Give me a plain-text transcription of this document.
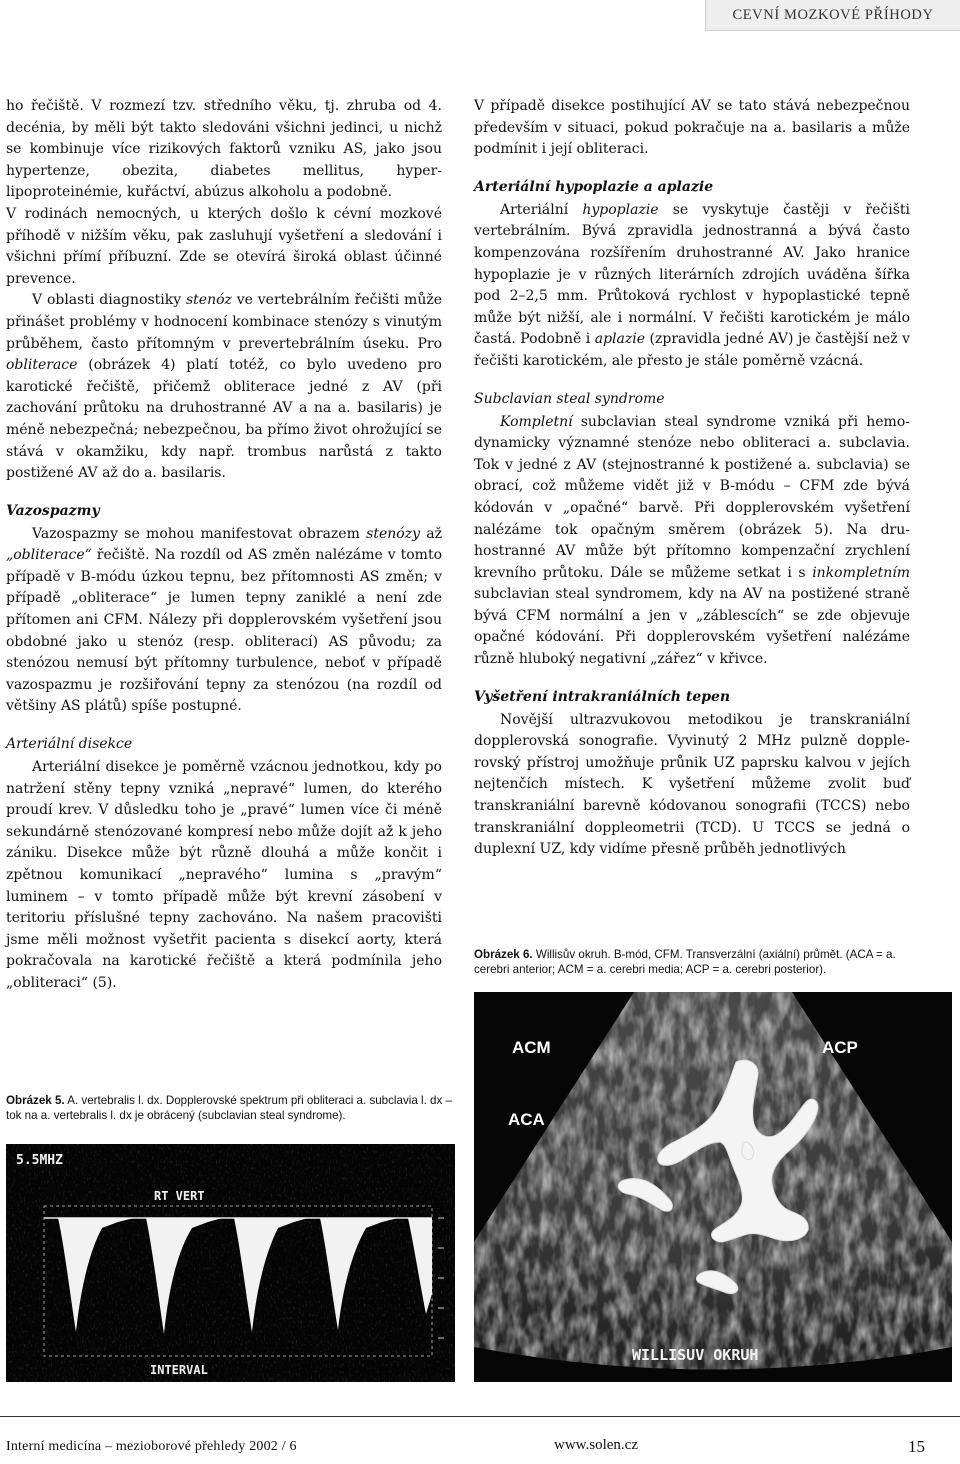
CEVNÍ MOZKOVÉ PŘÍHODY

ho řečiště. V rozmezí tzv. středního věku, tj. zhruba od 4. decénia, by měli být takto sledováni všichni jedinci, u nichž se kombinuje více rizikových faktorů vzniku AS, jako jsou hypertenze, obezita, diabetes mellitus, hyperlipoproteinémie, kuřáctví, abúzus alkoholu a podobně.

V rodinách nemocných, u kterých došlo k cévní mozkové příhodě v nižším věku, pak zasluhují vyšetření a sledování i všichni přímí příbuzní. Zde se otevírá široká oblast účinné prevence.

V oblasti diagnostiky stenóz ve vertebrálním řečišti může přinášet problémy v hodnocení kombinace stenózy s vinutým průběhem, často přítomným v prevertebrálním úseku. Pro obliterace (obrázek 4) platí totéž, co bylo uvedeno pro karotické řečiště, přičemž obliterace jedné z AV (při zachování průtoku na druhostranné AV a na a. basilaris) je méně nebezpečná; nebezpečnou, ba přímo život ohrožující se stává v okamžiku, kdy např. trombus narůstá z takto postižené AV až do a. basilaris.

Vazospazmy

Vazospazmy se mohou manifestovat obrazem stenózy až „obliterace“ řečiště. Na rozdíl od AS změn nalézáme v tomto případě v B-módu úzkou tepnu, bez přítomnosti AS změn; v případě „obliterace“ je lumen tepny zaniklé a není zde přítomen ani CFM. Nálezy při dopplerovském vyšetření jsou obdobné jako u stenóz (resp. obliterací) AS původu; za stenózou nemusí být přítomny turbulence, neboť v případě vazospazmu je rozšiřování tepny za stenózou (na rozdíl od většiny AS plátů) spíše postupné.

Arteriální disekce

Arteriální disekce je poměrně vzácnou jednotkou, kdy po natržení stěny tepny vzniká „nepravé“ lumen, do kterého proudí krev. V důsledku toho je „pravé“ lumen více či méně sekundárně stenózované kompresí nebo může dojít až k jeho zániku. Disekce může být různě dlouhá a může končit i zpětnou komunikací „nepravého“ lumina s „pravým“ luminem – v tomto případě může být krevní zásobení v teritoriu příslušné tepny zachováno. Na našem pracovišti jsme měli možnost vyšetřit pacienta s disekcí aorty, která pokračovala na karotické řečiště a která podmínila jeho „obliteraci“ (5).

V případě disekce postihující AV se tato stává nebezpečnou především v situaci, pokud pokračuje na a. basilaris a může podmínit i její obliteraci.

Arteriální hypoplazie a aplazie

Arteriální hypoplazie se vyskytuje častěji v řečišti vertebrálním. Bývá zpravidla jednostranná a bývá často kompenzována rozšířením druhostranné AV. Jako hranice hypoplazie je v různých literárních zdrojích uváděna šířka pod 2–2,5 mm. Průtoková rychlost v hypoplastické tepně může být nižší, ale i normální. V řečišti karotickém je málo častá. Podobně i aplazie (zpravidla jedné AV) je častější než v řečišti karotickém, ale přesto je stále poměrně vzácná.

Subclavian steal syndrome

Kompletní subclavian steal syndrome vzniká při hemodynamicky významné stenóze nebo obliteraci a. subclavia. Tok v jedné z AV (stejnostranné k postižené a. subclavia) se obrací, což můžeme vidět již v B-módu – CFM zde bývá kódován v „opačné“ barvě. Při dopplerovském vyšetření nalézáme tok opačným směrem (obrázek 5). Na druhostranné AV může být přítomno kompenzační zrychlení krevního průtoku. Dále se můžeme setkat i s inkompletním subclavian steal syndromem, kdy na AV na postižené straně bývá CFM normální a jen v „záblescích“ se zde objevuje opačné kódování. Při dopplerovském vyšetření nalézáme různě hluboký negativní „zářez“ v křivce.

Vyšetření intrakraniálních tepen

Novější ultrazvukovou metodikou je transkraniální dopplerovská sonografie. Vyvinutý 2 MHz pulzně dopplerovský přístroj umožňuje průnik UZ paprsku kalvou v jejích nejtenčích místech. K vyšetření můžeme zvolit buď transkraniální barevně kódovanou sonografii (TCCS) nebo transkraniální doppleometrii (TCD). U TCCS se jedná o duplexní UZ, kdy vidíme přesně průběh jednotlivých

Obrázek 6. Willisův okruh. B-mód, CFM. Transverzální (axiální) průmět. (ACA = a. cerebri anterior; ACM = a. cerebri media; ACP = a. cerebri posterior).
WILLISUV OKRUH
ACM	ACP
ACA
Obrázek 5. A. vertebralis l. dx. Dopplerovské spektrum při obliteraci a. subclavia l. dx – tok na a. vertebralis l. dx je obrácený (subclavian steal syndrome).
5.5MHZ
RT VERT
INTERVAL
Interní medicína – mezioborové přehledy 2002 / 6	www.solen.cz	15
